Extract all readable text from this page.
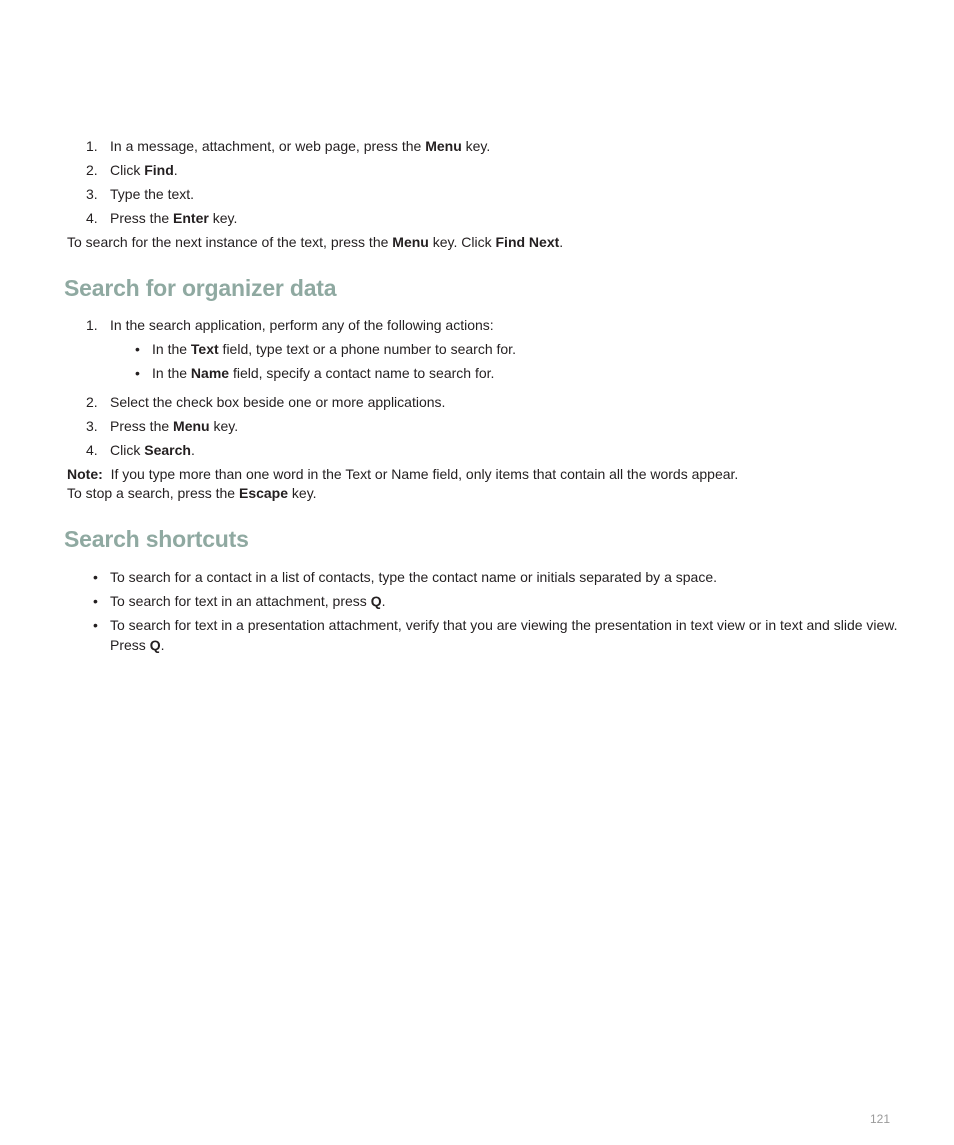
1. In a message, attachment, or web page, press the Menu key.
2. Click Find.
3. Type the text.
4. Press the Enter key.
To search for the next instance of the text, press the Menu key. Click Find Next.
Search for organizer data
1. In the search application, perform any of the following actions:
• In the Text field, type text or a phone number to search for.
• In the Name field, specify a contact name to search for.
2. Select the check box beside one or more applications.
3. Press the Menu key.
4. Click Search.
Note: If you type more than one word in the Text or Name field, only items that contain all the words appear.
To stop a search, press the Escape key.
Search shortcuts
• To search for a contact in a list of contacts, type the contact name or initials separated by a space.
• To search for text in an attachment, press Q.
• To search for text in a presentation attachment, verify that you are viewing the presentation in text view or in text and slide view.
Press Q.
121
